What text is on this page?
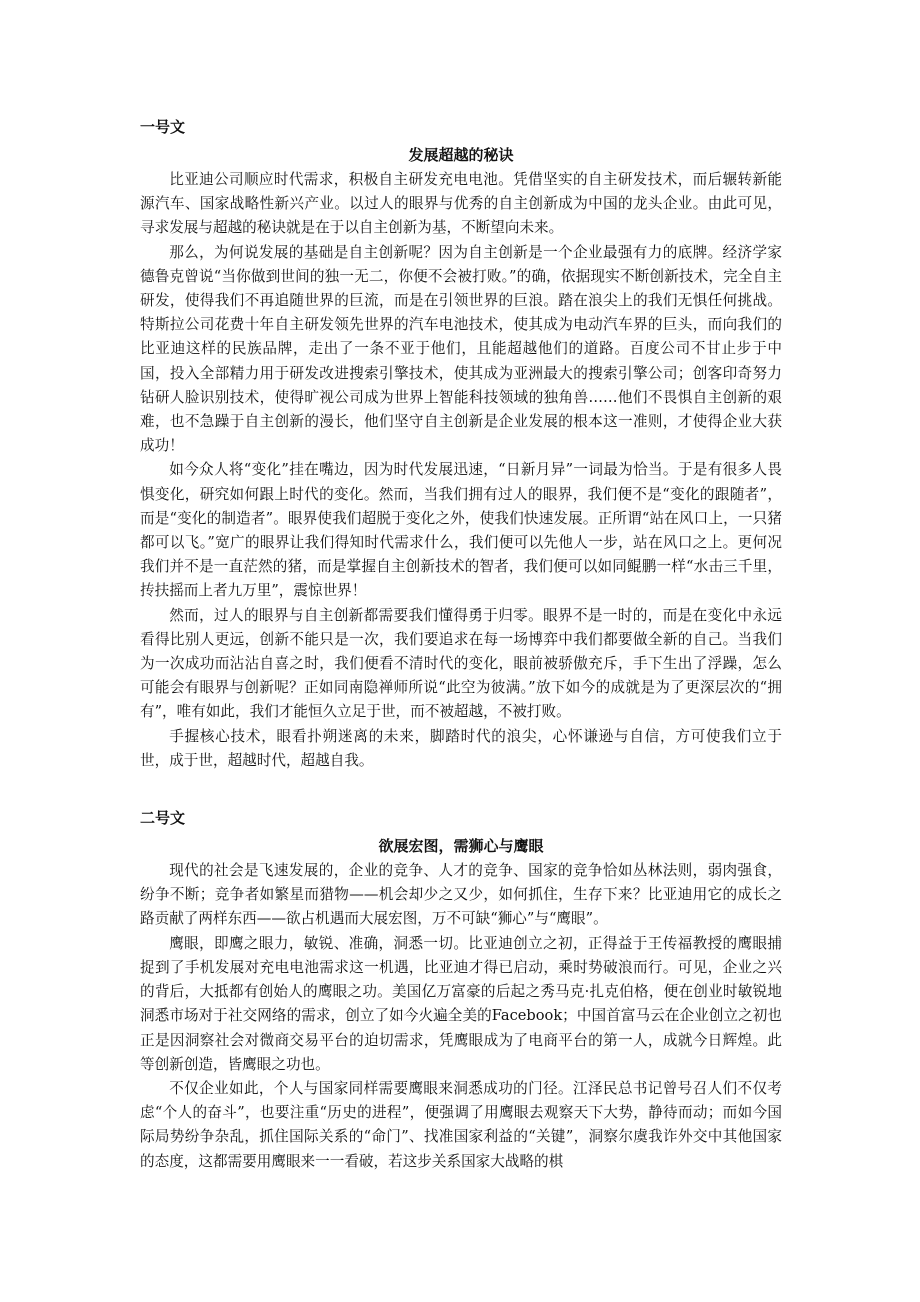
一号文

发展超越的秘诀

比亚迪公司顺应时代需求，积极自主研发充电电池。凭借坚实的自主研发技术，而后辗转新能源汽车、国家战略性新兴产业。以过人的眼界与优秀的自主创新成为中国的龙头企业。由此可见，寻求发展与超越的秘诀就是在于以自主创新为基，不断望向未来。

那么，为何说发展的基础是自主创新呢？因为自主创新是一个企业最强有力的底牌。经济学家德鲁克曾说“当你做到世间的独一无二，你便不会被打败。”的确，依据现实不断创新技术，完全自主研发，使得我们不再追随世界的巨流，而是在引领世界的巨浪。踏在浪尖上的我们无惧任何挑战。特斯拉公司花费十年自主研发领先世界的汽车电池技术，使其成为电动汽车界的巨头，而向我们的比亚迪这样的民族品牌，走出了一条不亚于他们，且能超越他们的道路。百度公司不甘止步于中国，投入全部精力用于研发改进搜索引擎技术，使其成为亚洲最大的搜索引擎公司；创客印奇努力钻研人脸识别技术，使得旷视公司成为世界上智能科技领域的独角兽……他们不畏惧自主创新的艰难，也不急躁于自主创新的漫长，他们坚守自主创新是企业发展的根本这一准则，才使得企业大获成功！

如今众人将“变化”挂在嘴边，因为时代发展迅速，“日新月异”一词最为恰当。于是有很多人畏惧变化，研究如何跟上时代的变化。然而，当我们拥有过人的眼界，我们便不是“变化的跟随者”，而是“变化的制造者”。眼界使我们超脱于变化之外，使我们快速发展。正所谓“站在风口上，一只猪都可以飞。”宽广的眼界让我们得知时代需求什么，我们便可以先他人一步，站在风口之上。更何况我们并不是一直茫然的猪，而是掌握自主创新技术的智者，我们便可以如同鲲鹏一样“水击三千里，抟扶摇而上者九万里”，震惊世界！

然而，过人的眼界与自主创新都需要我们懂得勇于归零。眼界不是一时的，而是在变化中永远看得比别人更远，创新不能只是一次，我们要追求在每一场博弈中我们都要做全新的自己。当我们为一次成功而沾沾自喜之时，我们便看不清时代的变化，眼前被骄傲充斥，手下生出了浮躁，怎么可能会有眼界与创新呢？正如同南隐禅师所说“此空为彼满。”放下如今的成就是为了更深层次的“拥有”，唯有如此，我们才能恒久立足于世，而不被超越，不被打败。

手握核心技术，眼看扑朔迷离的未来，脚踏时代的浪尖，心怀谦逊与自信，方可使我们立于世，成于世，超越时代，超越自我。

二号文

欲展宏图，需狮心与鹰眼

现代的社会是飞速发展的，企业的竞争、人才的竞争、国家的竞争恰如丛林法则，弱肉强食，纷争不断；竞争者如繁星而猎物——机会却少之又少，如何抓住，生存下来？比亚迪用它的成长之路贡献了两样东西——欲占机遇而大展宏图，万不可缺“狮心”与“鹰眼”。

鹰眼，即鹰之眼力，敏锐、准确，洞悉一切。比亚迪创立之初，正得益于王传福教授的鹰眼捕捉到了手机发展对充电电池需求这一机遇，比亚迪才得已启动，乘时势破浪而行。可见，企业之兴的背后，大抵都有创始人的鹰眼之功。美国亿万富豪的后起之秀马克·扎克伯格，便在创业时敏锐地洞悉市场对于社交网络的需求，创立了如今火遍全美的Facebook；中国首富马云在企业创立之初也正是因洞察社会对微商交易平台的迫切需求，凭鹰眼成为了电商平台的第一人，成就今日辉煌。此等创新创造，皆鹰眼之功也。

不仅企业如此，个人与国家同样需要鹰眼来洞悉成功的门径。江泽民总书记曾号召人们不仅考虑“个人的奋斗”，也要注重“历史的进程”，便强调了用鹰眼去观察天下大势，静待而动；而如今国际局势纷争杂乱，抓住国际关系的“命门”、找准国家利益的“关键”，洞察尔虞我诈外交中其他国家的态度，这都需要用鹰眼来一一看破，若这步关系国家大战略的棋
